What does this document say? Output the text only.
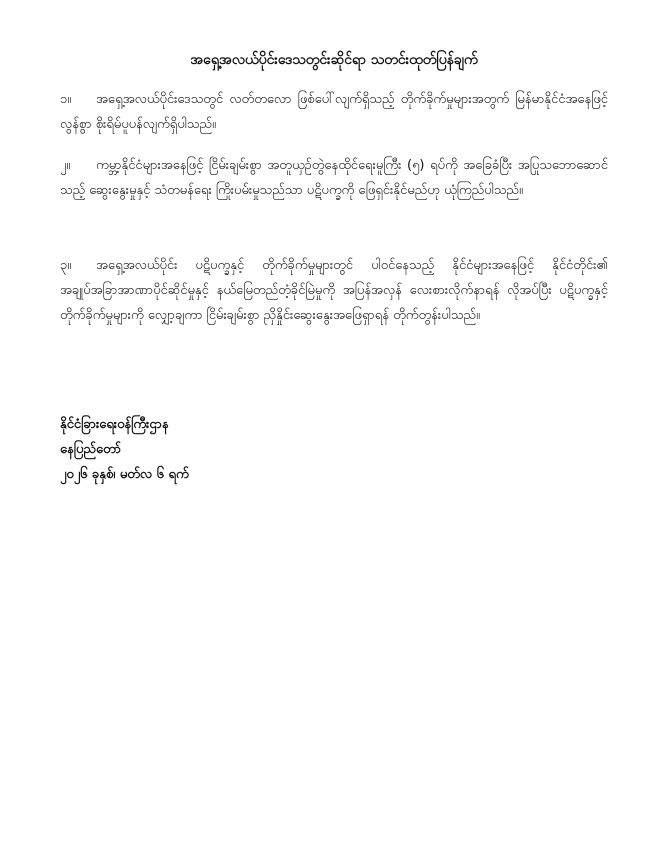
အရှေ့အလယ်ပိုင်းဒေသတွင်းဆိုင်ရာ သတင်းထုတ်ပြန်ချက်
၁။ အရှေ့အလယ်ပိုင်းဒေသတွင် လတ်တလော ဖြစ်ပေါ်လျက်ရှိသည့် တိုက်ခိုက်မှုများအတွက် မြန်မာနိုင်ငံအနေဖြင့် လွန်စွာ စိုးရိမ်ပူပန်လျက်ရှိပါသည်။
၂။ ကမ္ဘာ့နိုင်ငံများအနေဖြင့် ငြိမ်းချမ်းစွာ အတူယှဉ်တွဲနေထိုင်ရေးမူကြီး (၅) ရပ်ကို အခြေခံပြီး အပြုသဘောဆောင်သည့် ဆွေးနွေးမှုနှင့် သံတမန်ရေး ကြိုးပမ်းမှုသည်သာ ပဋိပက္ခကို ဖြေရှင်းနိုင်မည်ဟု ယုံကြည်ပါသည်။
၃။ အရှေ့အလယ်ပိုင်း ပဋိပက္ခနှင့် တိုက်ခိုက်မှုများတွင် ပါဝင်နေသည့် နိုင်ငံများအနေဖြင့် နိုင်ငံတိုင်း၏ အချုပ်အခြာအာဏာပိုင်ဆိုင်မှုနှင့် နယ်မြေတည်တံ့ခိုင်မြဲမှုကို အပြန်အလှန် လေးစားလိုက်နာရန် လိုအပ်ပြီး ပဋိပက္ခနှင့် တိုက်ခိုက်မှုများကို လျှော့ချကာ ငြိမ်းချမ်းစွာ ညှိနှိုင်းဆွေးနွေးအဖြေရှာရန် တိုက်တွန်းပါသည်။
နိုင်ငံခြားရေးဝန်ကြီးဌာန
နေပြည်တော်
၂၀၂၆ ခုနှစ်၊ မတ်လ ၆ ရက်
